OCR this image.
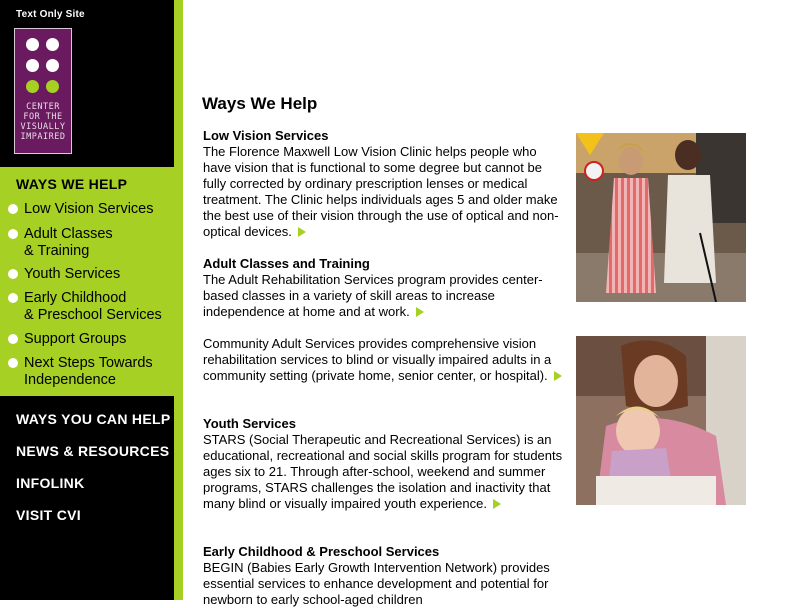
Text Only Site
CENTER
FOR THE
VISUALLY
IMPAIRED
WAYS WE HELP
Low Vision Services
Adult Classes
& Training
Youth Services
Early Childhood
& Preschool Services
Support Groups
Next Steps Towards
Independence
WAYS YOU CAN HELP
NEWS & RESOURCES
INFOLINK
VISIT CVI
Ways We Help
Low Vision Services
The Florence Maxwell Low Vision Clinic helps people who have vision that is functional to some degree but cannot be fully corrected by ordinary prescription lenses or medical treatment. The Clinic helps individuals ages 5 and older make the best use of their vision through the use of optical and non-optical devices.
Adult Classes and Training
The Adult Rehabilitation Services program provides center-based classes in a variety of skill areas to increase independence at home and at work.
Community Adult Services provides comprehensive vision rehabilitation services to blind or visually impaired adults in a community setting (private home, senior center, or hospital).
Youth Services
STARS (Social Therapeutic and Recreational Services) is an educational, recreational and social skills program for students ages six to 21. Through after-school, weekend and summer programs, STARS challenges the isolation and inactivity that many blind or visually impaired youth experience.
Early Childhood & Preschool Services
BEGIN (Babies Early Growth Intervention Network) provides essential services to enhance development and potential for newborn to early school-aged children
